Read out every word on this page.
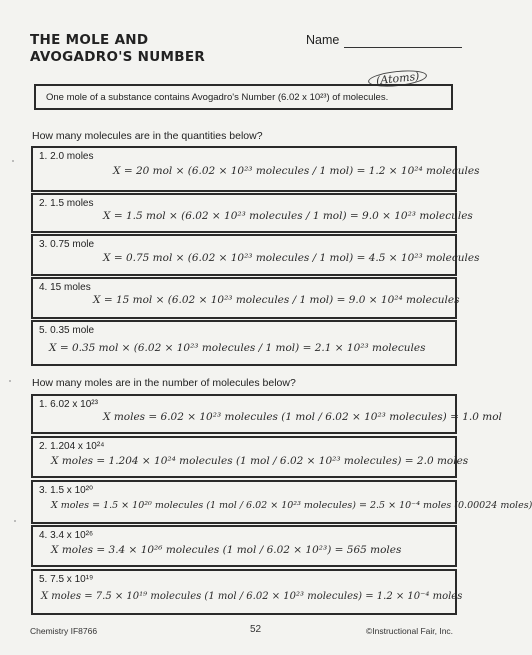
THE MOLE AND
AVOGADRO'S NUMBER
Name
(Atoms)
One mole of a substance contains Avogadro's Number (6.02 x 10²³) of molecules.
How many molecules are in the quantities below?
1. 2.0 moles
X = 20 mol × (6.02 × 10²³ molecules / 1 mol) = 1.2 × 10²⁴ molecules
2. 1.5 moles
X = 1.5 mol × (6.02 × 10²³ molecules / 1 mol) = 9.0 × 10²³ molecules
3. 0.75 mole
X = 0.75 mol × (6.02 × 10²³ molecules / 1 mol) = 4.5 × 10²³ molecules
4. 15 moles
X = 15 mol × (6.02 × 10²³ molecules / 1 mol) = 9.0 × 10²⁴ molecules
5. 0.35 mole
X = 0.35 mol × (6.02 × 10²³ molecules / 1 mol) = 2.1 × 10²³ molecules
How many moles are in the number of molecules below?
1. 6.02 x 10²³
X moles = 6.02 × 10²³ molecules (1 mol / 6.02 × 10²³ molecules) = 1.0 mol
2. 1.204 x 10²⁴
X moles = 1.204 × 10²⁴ molecules (1 mol / 6.02 × 10²³ molecules) = 2.0 moles
3. 1.5 x 10²⁰
X moles = 1.5 × 10²⁰ molecules (1 mol / 6.02 × 10²³ molecules) = 2.5 × 10⁻⁴ moles (0.00024 moles)
4. 3.4 x 10²⁶
X moles = 3.4 × 10²⁶ molecules (1 mol / 6.02 × 10²³) = 565 moles
5. 7.5 x 10¹⁹
X moles = 7.5 × 10¹⁹ molecules (1 mol / 6.02 × 10²³ molecules) = 1.2 × 10⁻⁴ moles
Chemistry IF8766	52	©Instructional Fair, Inc.
